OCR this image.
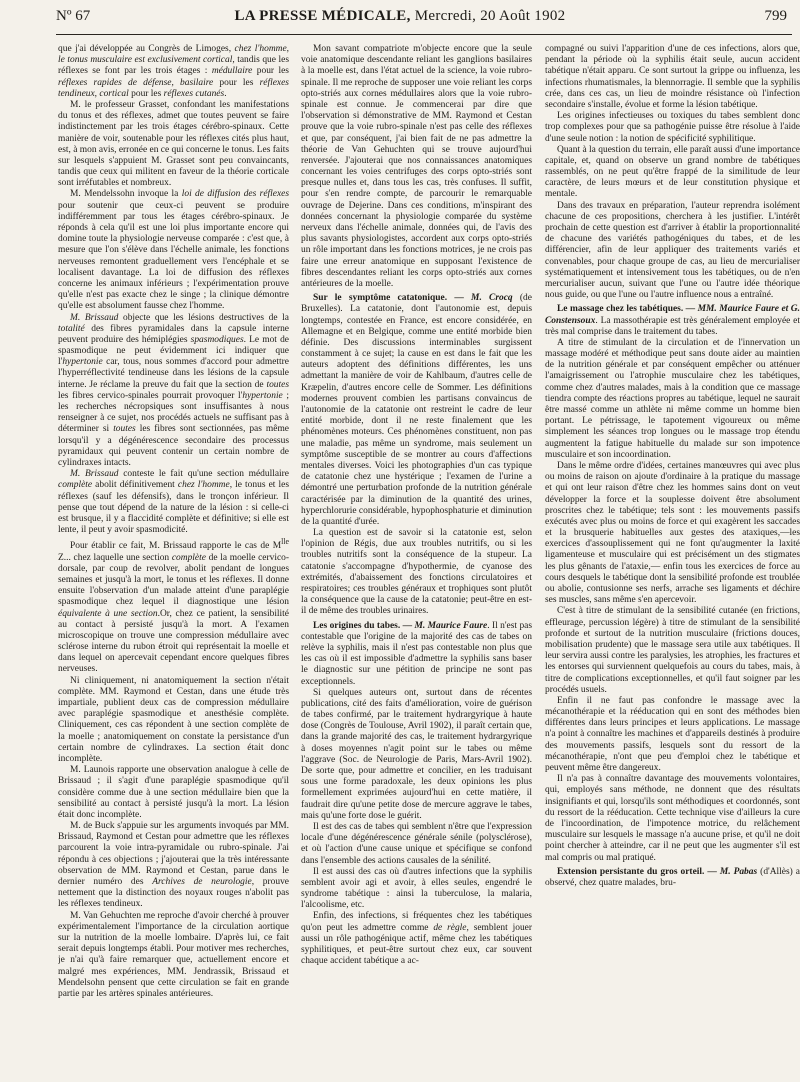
Nº 67	LA PRESSE MÉDICALE, Mercredi, 20 Août 1902	799

que j'ai développée au Congrès de Limoges, chez l'homme, le tonus musculaire est exclusivement cortical, tandis que les réflexes se font par les trois étages : médullaire pour les réflexes rapides de défense, basilaire pour les réflexes tendineux, cortical pour les réflexes cutanés.

M. le professeur Grasset, confondant les manifestations du tonus et des réflexes, admet que toutes peuvent se faire indistinctement par les trois étages cérébro-spinaux. Cette manière de voir, soutenable pour les réflexes cités plus haut, est, à mon avis, erronée en ce qui concerne le tonus. Les faits sur lesquels s'appuient M. Grasset sont peu convaincants, tandis que ceux qui militent en faveur de la théorie corticale sont irréfutables et nombreux.

M. Mendelssohn invoque la loi de diffusion des réflexes pour soutenir que ceux-ci peuvent se produire indifféremment par tous les étages cérébro-spinaux. Je réponds à cela qu'il est une loi plus importante encore qui domine toute la physiologie nerveuse comparée : c'est que, à mesure que l'on s'élève dans l'échelle animale, les fonctions nerveuses remontent graduellement vers l'encéphale et se localisent davantage. La loi de diffusion des réflexes concerne les animaux inférieurs ; l'expérimentation prouve qu'elle n'est pas exacte chez le singe ; la clinique démontre qu'elle est absolument fausse chez l'homme.

M. Brissaud objecte que les lésions destructives de la totalité des fibres pyramidales dans la capsule interne peuvent produire des hémiplégies spasmodiques. Le mot de spasmodique ne peut évidemment ici indiquer que l'hypertonie car, tous, nous sommes d'accord pour admettre l'hyperréflectivité tendineuse dans les lésions de la capsule interne. Je réclame la preuve du fait que la section de toutes les fibres cervico-spinales pourrait provoquer l'hypertonie ; les recherches nécropsiques sont insuffisantes à nous renseigner à ce sujet, nos procédés actuels ne suffisant pas à déterminer si toutes les fibres sont sectionnées, pas même lorsqu'il y a dégénérescence secondaire des processus pyramidaux qui peuvent contenir un certain nombre de cylindraxes intacts.

M. Brissaud conteste le fait qu'une section médullaire complète abolit définitivement chez l'homme, le tonus et les réflexes (sauf les défensifs), dans le tronçon inférieur. Il pense que tout dépend de la nature de la lésion : si celle-ci est brusque, il y a flaccidité complète et définitive; si elle est lente, il peut y avoir spasmodicité.

Pour établir ce fait, M. Brissaud rapporte le cas de $M^{lle}$ Z... chez laquelle une section complète de la moelle cervico-dorsale, par coup de revolver, abolit pendant de longues semaines et jusqu'à la mort, le tonus et les réflexes. Il donne ensuite l'observation d'un malade atteint d'une paraplégie spasmodique chez lequel il diagnostique une lésion équivalente à une section.Or, chez ce patient, la sensibilité au contact à persisté jusqu'à la mort. A l'examen microscopique on trouve une compression médullaire avec sclérose interne du rubon étroit qui représentait la moelle et dans lequel on apercevait cependant encore quelques fibres nerveuses.

Ni cliniquement, ni anatomiquement la section n'était complète. MM. Raymond et Cestan, dans une étude très impartiale, publient deux cas de compression médullaire avec paraplégie spasmodique et anesthésie complète. Cliniquement, ces cas répondent à une section complète de la moelle ; anatomiquement on constate la persistance d'un certain nombre de cylindraxes. La section était donc incomplète.

M. Launois rapporte une observation analogue à celle de Brissaud ; il s'agit d'une paraplégie spasmodique qu'il considère comme due à une section médullaire bien que la sensibilité au contact à persisté jusqu'à la mort. La lésion était donc incomplète.

M. de Buck s'appuie sur les arguments invoqués par MM. Brissaud, Raymond et Cestan pour admettre que les réflexes parcourent la voie intra-pyramidale ou rubro-spinale. J'ai répondu à ces objections ; j'ajouterai que la très intéressante observation de MM. Raymond et Cestan, parue dans le dernier numéro des Archives de neurologie, prouve nettement que la distinction des noyaux rouges n'abolit pas les réflexes tendineux.

M. Van Gehuchten me reproche d'avoir cherché à prouver expérimentalement l'importance de la circulation aortique sur la nutrition de la moelle lombaire. D'après lui, ce fait serait depuis longtemps établi. Pour motiver mes recherches, je n'ai qu'à faire remarquer que, actuellement encore et malgré mes expériences, MM. Jendrassik, Brissaud et Mendelsohn pensent que cette circulation se fait en grande partie par les artères spinales antérieures.

Mon savant compatriote m'objecte encore que la seule voie anatomique descendante reliant les ganglions basilaires à la moelle est, dans l'état actuel de la science, la voie rubro-spinale. Il me reproche de supposer une voie reliant les corps opto-striés aux cornes médullaires alors que la voie rubro-spinale est connue. Je commencerai par dire que l'observation si démonstrative de MM. Raymond et Cestan prouve que la voie rubro-spinale n'est pas celle des réflexes et que, par conséquent, j'ai bien fait de ne pas admettre la théorie de Van Gehuchten qui se trouve aujourd'hui renversée. J'ajouterai que nos connaissances anatomiques concernant les voies centrifuges des corps opto-striés sont presque nulles et, dans tous les cas, très confuses. Il suffit, pour s'en rendre compte, de parcourir le remarquable ouvrage de Dejerine. Dans ces conditions, m'inspirant des données concernant la physiologie comparée du système nerveux dans l'échelle animale, données qui, de l'avis des plus savants physiologistes, accordent aux corps opto-striés un rôle important dans les fonctions motrices, je ne crois pas faire une erreur anatomique en supposant l'existence de fibres descendantes reliant les corps opto-striés aux cornes antérieures de la moelle.

Sur le symptôme catatonique. — M. Crocq (de Bruxelles). La catatonie, dont l'autonomie est, depuis longtemps, contestée en France, est encore considérée, en Allemagne et en Belgique, comme une entité morbide bien définie. Des discussions interminables surgissent constamment à ce sujet; la cause en est dans le fait que les auteurs adoptent des définitions différentes, les uns admettant la manière de voir de Kahlbaum, d'autres celle de Kræpelin, d'autres encore celle de Sommer. Les définitions modernes prouvent combien les partisans convaincus de l'autonomie de la catatonie ont restreint le cadre de leur entité morbide, dont il ne reste finalement que les phénomènes moteurs. Ces phénomènes constituent, non pas une maladie, pas même un syndrome, mais seulement un symptôme susceptible de se montrer au cours d'affections mentales diverses. Voici les photographies d'un cas typique de catatonie chez une hystérique ; l'examen de l'urine a démontré une perturbation profonde de la nutrition générale caractérisée par la diminution de la quantité des urines, hyperchlorurie considérable, hypophosphaturie et diminution de la quantité d'urée.

La question est de savoir si la catatonie est, selon l'opinion de Régis, due aux troubles nutritifs, ou si les troubles nutritifs sont la conséquence de la stupeur. La catatonie s'accompagne d'hypothermie, de cyanose des extrémités, d'abaissement des fonctions circulatoires et respiratoires; ces troubles généraux et trophiques sont plutôt la conséquence que la cause de la catatonie; peut-être en est-il de même des troubles urinaires.

Les origines du tabes. — M. Maurice Faure. Il n'est pas contestable que l'origine de la majorité des cas de tabes on relève la syphilis, mais il n'est pas contestable non plus que les cas où il est impossible d'admettre la syphilis sans baser le diagnostic sur une pétition de principe ne sont pas exceptionnels.

Si quelques auteurs ont, surtout dans de récentes publications, cité des faits d'amélioration, voire de guérison de tabes confirmé, par le traitement hydrargyrique à haute dose (Congrès de Toulouse, Avril 1902), il paraît certain que, dans la grande majorité des cas, le traitement hydrargyrique à doses moyennes n'agit point sur le tabes ou même l'aggrave (Soc. de Neurologie de Paris, Mars-Avril 1902). De sorte que, pour admettre et concilier, en les traduisant sous une forme paradoxale, les deux opinions les plus formellement exprimées aujourd'hui en cette matière, il faudrait dire qu'une petite dose de mercure aggrave le tabes, mais qu'une forte dose le guérit.

Il est des cas de tabes qui semblent n'être que l'expression locale d'une dégénérescence générale sénile (polysclérose), et où l'action d'une cause unique et spécifique se confond dans l'ensemble des actions causales de la sénilité.

Il est aussi des cas où d'autres infections que la syphilis semblent avoir agi et avoir, à elles seules, engendré le syndrome tabétique : ainsi la tuberculose, la malaria, l'alcoolisme, etc.

Enfin, des infections, si fréquentes chez les tabétiques qu'on peut les admettre comme de règle, semblent jouer aussi un rôle pathogénique actif, même chez les tabétiques syphilitiques, et peut-être surtout chez eux, car souvent chaque accident tabétique a ac-

compagné ou suivi l'apparition d'une de ces infections, alors que, pendant la période où la syphilis était seule, aucun accident tabétique n'était apparu. Ce sont surtout la grippe ou influenza, les infections rhumatismales, la blennorragie. Il semble que la syphilis crée, dans ces cas, un lieu de moindre résistance où l'infection secondaire s'installe, évolue et forme la lésion tabétique.

Les origines infectieuses ou toxiques du tabes semblent donc trop complexes pour que sa pathogénie puisse être résolue à l'aide d'une seule notion : la notion de spécificité syphilitique.

Quant à la question du terrain, elle paraît aussi d'une importance capitale, et, quand on observe un grand nombre de tabétiques rassemblés, on ne peut qu'être frappé de la similitude de leur caractère, de leurs mœurs et de leur constitution physique et mentale.

Dans des travaux en préparation, l'auteur reprendra isolément chacune de ces propositions, cherchera à les justifier. L'intérêt prochain de cette question est d'arriver à établir la proportionnalité de chacune des variétés pathogéniques du tabes, et de les différencier, afin de leur appliquer des traitements variés et convenables, pour chaque groupe de cas, au lieu de mercurialiser systématiquement et intensivement tous les tabétiques, ou de n'en mercurialiser aucun, suivant que l'une ou l'autre idée théorique nous guide, ou que l'une ou l'autre influence nous a entraîné.

Le massage chez les tabétiques. — MM. Maurice Faure et G. Constensoux. La massothérapie est très généralement employée et très mal comprise dans le traitement du tabes.

A titre de stimulant de la circulation et de l'innervation un massage modéré et méthodique peut sans doute aider au maintien de la nutrition générale et par conséquent empêcher ou atténuer l'amaigrissement ou l'atrophie musculaire chez les tabétiques, comme chez d'autres malades, mais à la condition que ce massage tiendra compte des réactions propres au tabétique, lequel ne saurait être massé comme un athlète ni même comme un homme bien portant. Le pétrissage, le tapotement vigoureux ou même simplement les séances trop longues ou le massage trop étendu augmentent la fatigue habituelle du malade sur son impotence musculaire et son incoordination.

Dans le même ordre d'idées, certaines manœuvres qui avec plus ou moins de raison on ajoute d'ordinaire à la pratique du massage et qui ont leur raison d'être chez les hommes sains dont on veut développer la force et la souplesse doivent être absolument proscrites chez le tabétique; tels sont : les mouvements passifs exécutés avec plus ou moins de force et qui exagèrent les saccades et la brusquerie habituelles aux gestes des ataxiques,—les exercices d'assouplissement qui ne font qu'augmenter la laxité ligamenteuse et musculaire qui est précisément un des stigmates les plus gênants de l'ataxie,— enfin tous les exercices de force au cours desquels le tabétique dont la sensibilité profonde est troublée ou abolie, contusionne ses nerfs, arrache ses ligaments et déchire ses muscles, sans même s'en apercevoir.

C'est à titre de stimulant de la sensibilité cutanée (en frictions, effleurage, percussion légère) à titre de stimulant de la sensibilité profonde et surtout de la nutrition musculaire (frictions douces, mobilisation prudente) que le massage sera utile aux tabétiques. Il leur servira aussi contre les paralysies, les atrophies, les fractures et les entorses qui surviennent quelquefois au cours du tabes, mais, à titre de complications exceptionnelles, et qu'il faut soigner par les procédés usuels.

Enfin il ne faut pas confondre le massage avec la mécanothérapie et la rééducation qui en sont des méthodes bien différentes dans leurs principes et leurs applications. Le massage n'a point à connaître les machines et d'appareils destinés à produire des mouvements passifs, lesquels sont du ressort de la mécanothérapie, n'ont que peu d'emploi chez le tabétique et peuvent même être dangereux.

Il n'a pas à connaître davantage des mouvements volontaires, qui, employés sans méthode, ne donnent que des résultats insignifiants et qui, lorsqu'ils sont méthodiques et coordonnés, sont du ressort de la rééducation. Cette technique vise d'ailleurs la cure de l'incoordination, de l'impotence motrice, du relâchement musculaire sur lesquels le massage n'a aucune prise, et qu'il ne doit point chercher à atteindre, car il ne peut que les augmenter s'il est mal compris ou mal pratiqué.

Extension persistante du gros orteil. — M. Pabas (d'Allès) a observé, chez quatre malades, bru-
